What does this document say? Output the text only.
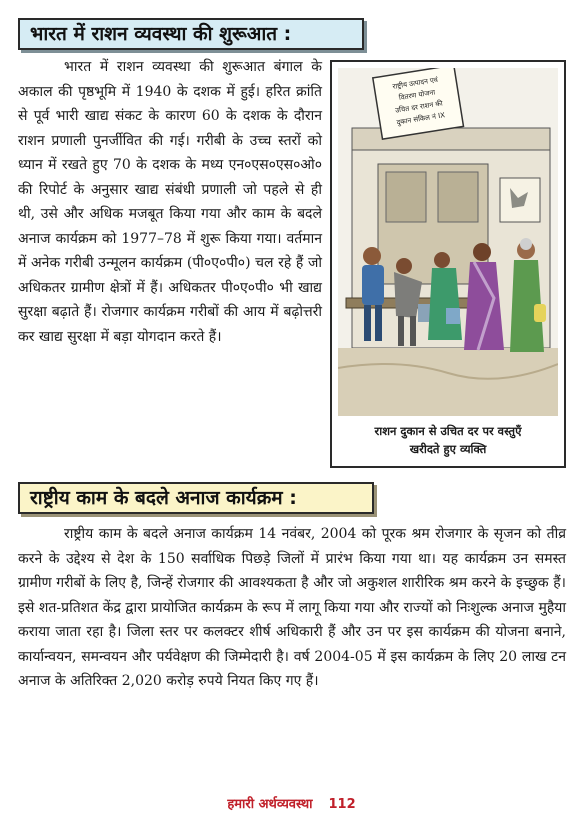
भारत में राशन व्यवस्था की शुरूआत :

भारत में राशन व्यवस्था की शुरूआत बंगाल के अकाल की पृष्ठभूमि में 1940 के दशक में हुई। हरित क्रांति से पूर्व भारी खाद्य संकट के कारण 60 के दशक के दौरान राशन प्रणाली पुनर्जीवित की गई। गरीबी के उच्च स्तरों को ध्यान में रखते हुए 70 के दशक के मध्य एन०एस०एस०ओ० की रिपोर्ट के अनुसार खाद्य संबंधी प्रणाली जो पहले से ही थी, उसे और अधिक मजबूत किया गया और काम के बदले अनाज कार्यक्रम को 1977–78 में शुरू किया गया। वर्तमान में अनेक गरीबी उन्मूलन कार्यक्रम (पी०ए०पी०) चल रहे हैं जो अधिकतर ग्रामीण क्षेत्रों में हैं। अधिकतर पी०ए०पी० भी खाद्य सुरक्षा बढ़ाते हैं। रोजगार कार्यक्रम गरीबों की आय में बढ़ोत्तरी कर खाद्य सुरक्षा में बड़ा योगदान करते हैं।

राष्ट्रीय उत्पादन एवं
वितरण योजना
उचित दर राशन की
दुकान संकिल नं IX

राशन दुकान से उचित दर पर वस्तुएँ
खरीदते हुए व्यक्ति

राष्ट्रीय काम के बदले अनाज कार्यक्रम :

राष्ट्रीय काम के बदले अनाज कार्यक्रम 14 नवंबर, 2004 को पूरक श्रम रोजगार के सृजन को तीव्र करने के उद्देश्य से देश के 150 सर्वाधिक पिछड़े जिलों में प्रारंभ किया गया था। यह कार्यक्रम उन समस्त ग्रामीण गरीबों के लिए है, जिन्हें रोजगार की आवश्यकता है और जो अकुशल शारीरिक श्रम करने के इच्छुक हैं। इसे शत-प्रतिशत केंद्र द्वारा प्रायोजित कार्यक्रम के रूप में लागू किया गया और राज्यों को निःशुल्क अनाज मुहैया कराया जाता रहा है। जिला स्तर पर कलक्टर शीर्ष अधिकारी हैं और उन पर इस कार्यक्रम की योजना बनाने, कार्यान्वयन, समन्वयन और पर्यवेक्षण की जिम्मेदारी है। वर्ष 2004-05 में इस कार्यक्रम के लिए 20 लाख टन अनाज के अतिरिक्त 2,020 करोड़ रुपये नियत किए गए हैं।

हमारी अर्थव्यवस्था 112
